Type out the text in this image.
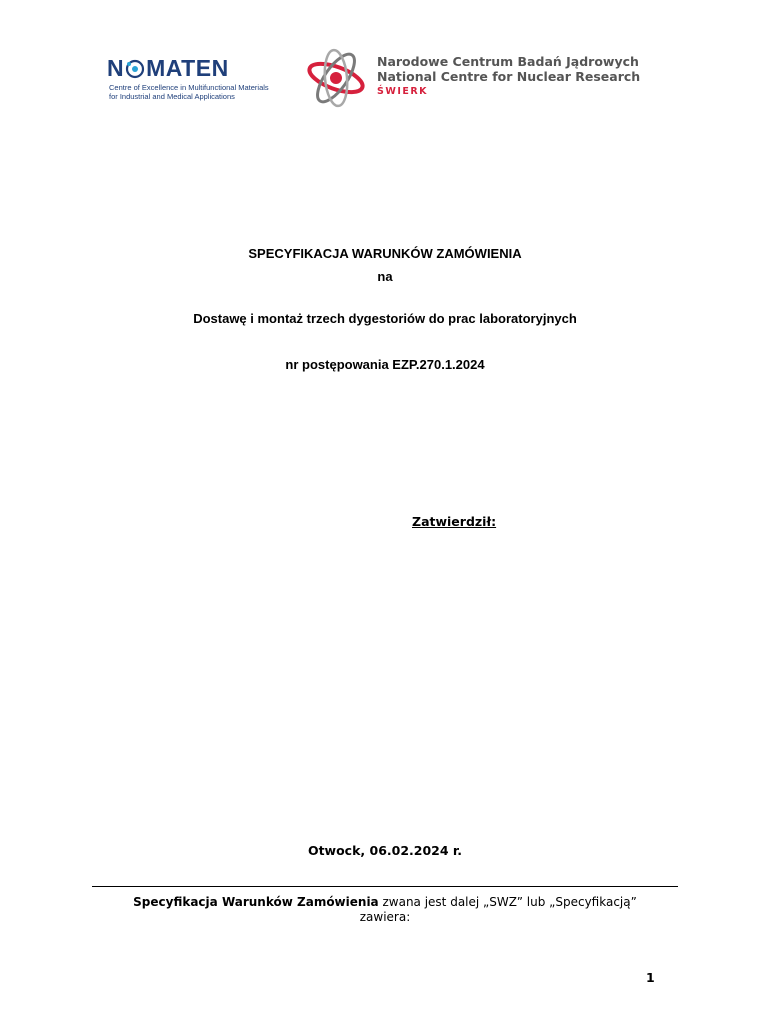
N MATEN
Centre of Excellence in Multifunctional Materials
for Industrial and Medical Applications
Narodowe Centrum Badań Jądrowych
National Centre for Nuclear Research
ŚWIERK
SPECYFIKACJA WARUNKÓW ZAMÓWIENIA
na
Dostawę i montaż trzech dygestoriów do prac laboratoryjnych
nr postępowania EZP.270.1.2024
Zatwierdził:
Otwock, 06.02.2024 r.
Specyfikacja Warunków Zamówienia zwana jest dalej „SWZ” lub „Specyfikacją”
zawiera:
1
